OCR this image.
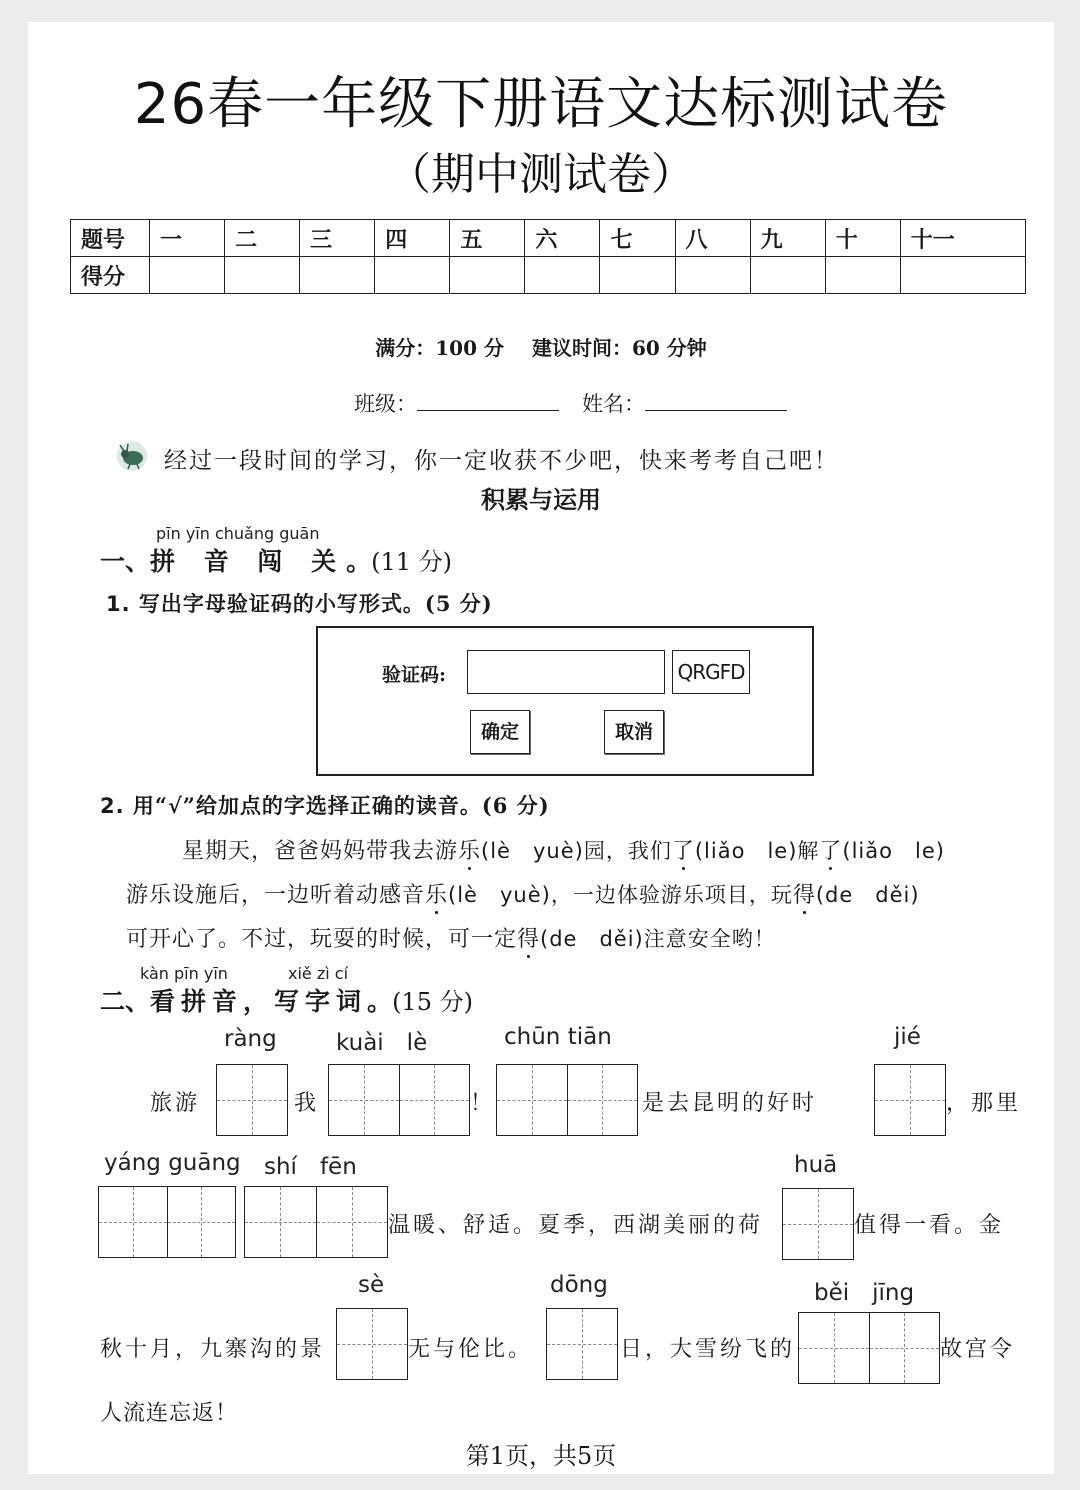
26春一年级下册语文达标测试卷
（期中测试卷）
题号	一	二	三	四	五	六	七	八	九	十	十一
得分											
满分：100 分 建议时间：60 分钟
班级：	姓名：
经过一段时间的学习，你一定收获不少吧，快来考考自己吧！
积累与运用
pīn yīn chuǎng guān
一、拼 音 闯 关。(11 分)
1. 写出字母验证码的小写形式。(5 分)
验证码:	QRGFD
确定	取消
2. 用“√”给加点的字选择正确的读音。(6 分)
星期天，爸爸妈妈带我去游乐(lè　yuè)园，我们了(liǎo　le)解了(liǎo　le)
游乐设施后，一边听着动感音乐(lè　yuè)，一边体验游乐项目，玩得(de　děi)
可开心了。不过，玩耍的时候，可一定得(de　děi)注意安全哟！
kàn pīn yīn	xiě zì cí
二、看拼音，写字词。(15 分)
ràng	kuài　lè	chūn tiān	jié
旅游	我	！	是去昆明的好时	，那里
yáng guāng shí　fēn	huā
温暖、舒适。夏季，西湖美丽的荷	值得一看。金
sè	dōng	běi　jīng
秋十月，九寨沟的景	无与伦比。	日，大雪纷飞的	故宫令
人流连忘返！
第1页，共5页
